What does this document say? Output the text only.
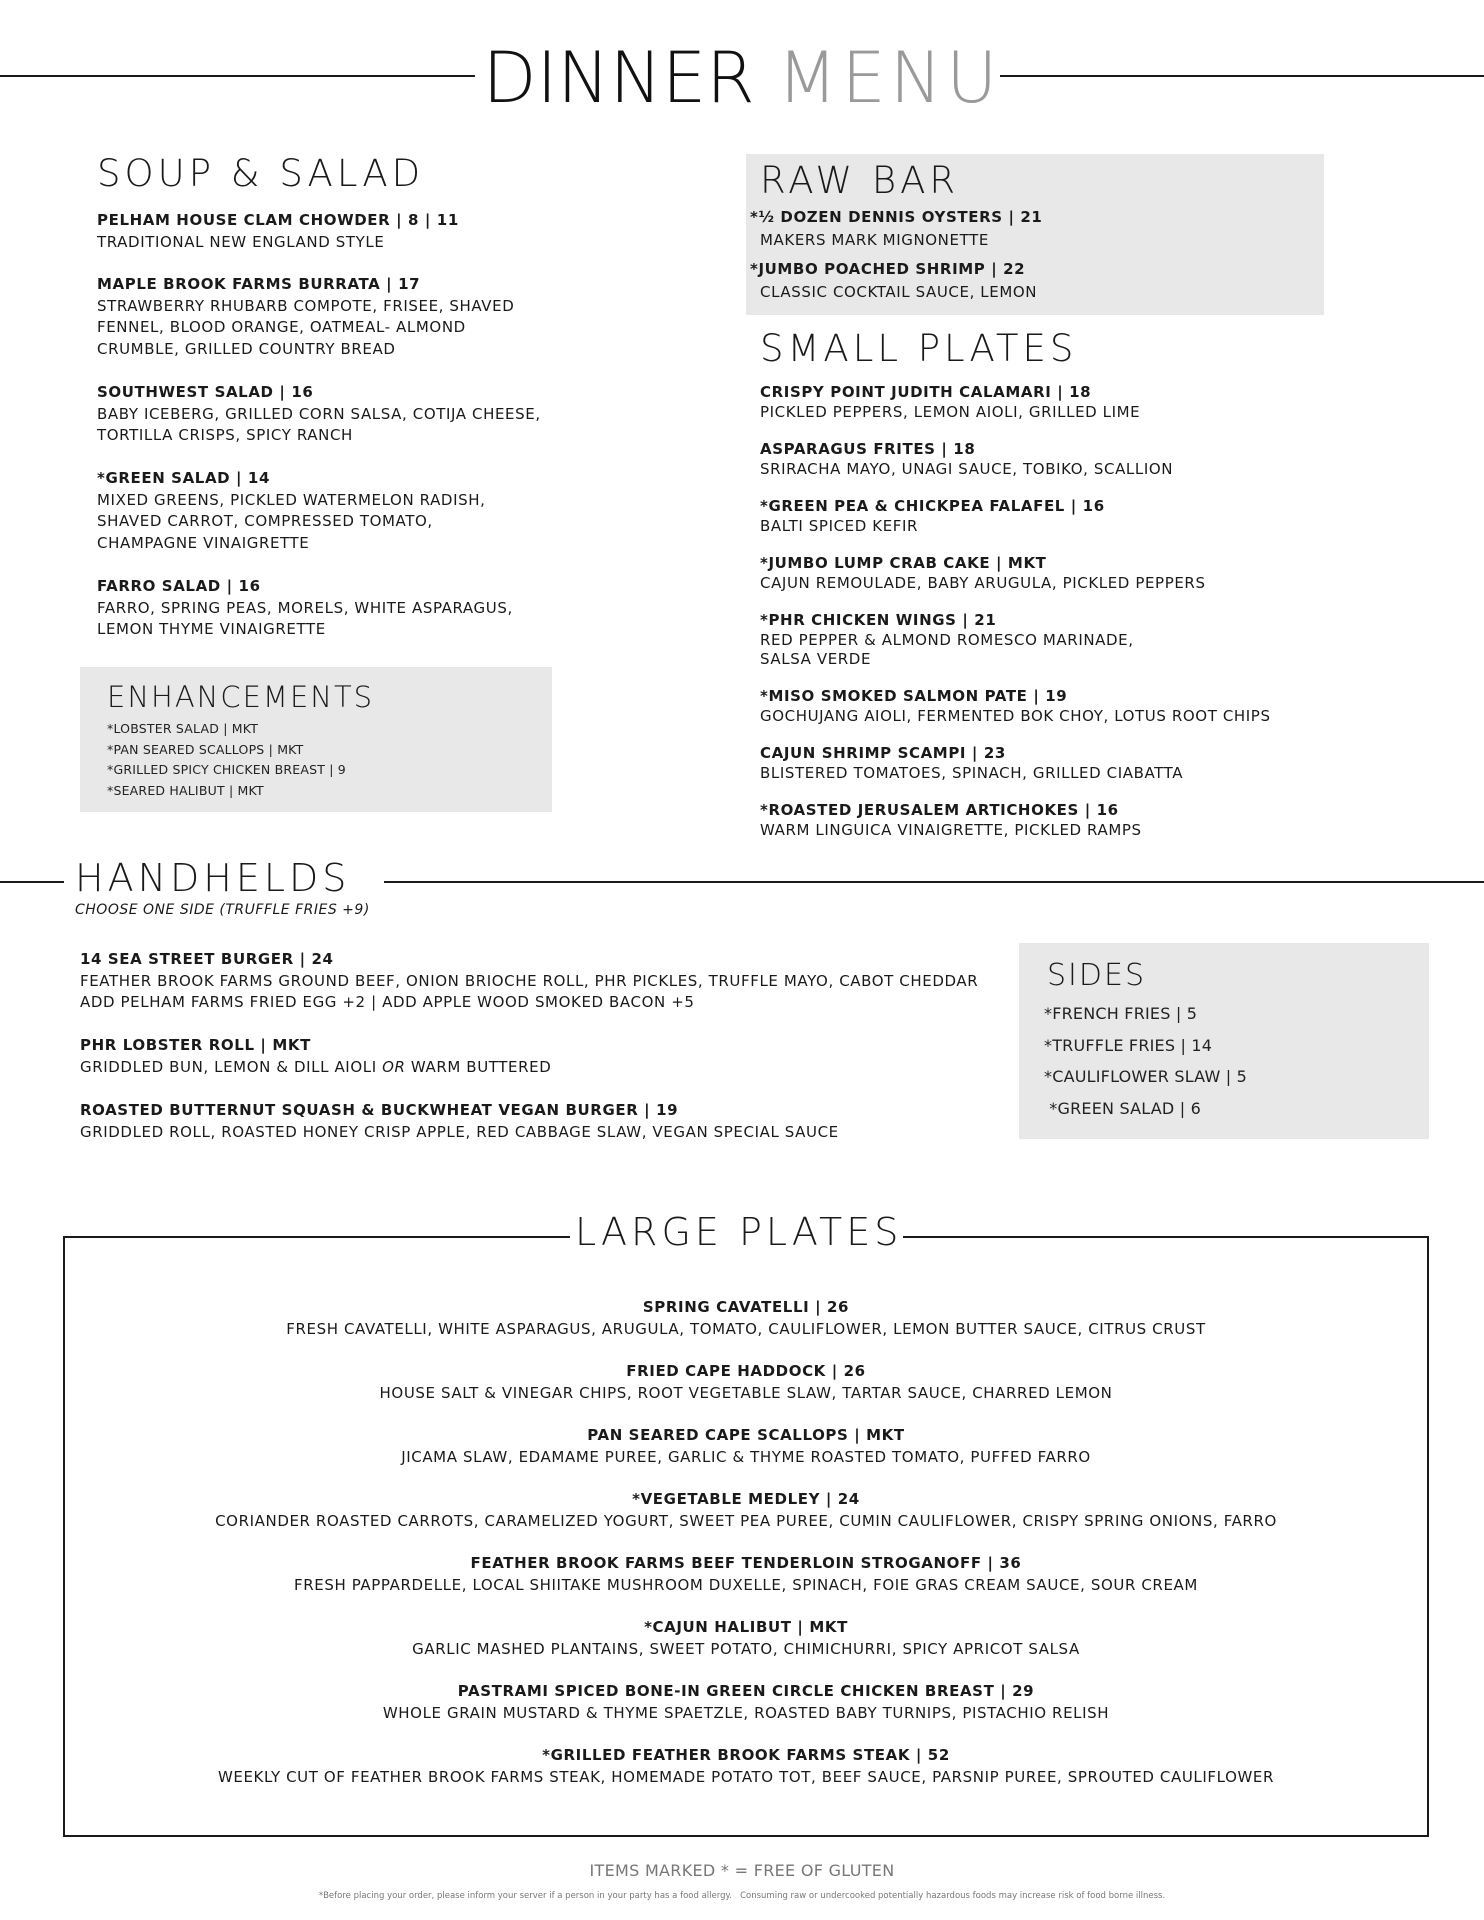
DINNER MENU
SOUP & SALAD
PELHAM HOUSE CLAM CHOWDER | 8 | 11
TRADITIONAL NEW ENGLAND STYLE
MAPLE BROOK FARMS BURRATA | 17
STRAWBERRY RHUBARB COMPOTE, FRISEE, SHAVED
FENNEL, BLOOD ORANGE, OATMEAL- ALMOND
CRUMBLE, GRILLED COUNTRY BREAD
SOUTHWEST SALAD | 16
BABY ICEBERG, GRILLED CORN SALSA, COTIJA CHEESE,
TORTILLA CRISPS, SPICY RANCH
*GREEN SALAD | 14
MIXED GREENS, PICKLED WATERMELON RADISH,
SHAVED CARROT, COMPRESSED TOMATO,
CHAMPAGNE VINAIGRETTE
FARRO SALAD | 16
FARRO, SPRING PEAS, MORELS, WHITE ASPARAGUS,
LEMON THYME VINAIGRETTE
ENHANCEMENTS
*LOBSTER SALAD | MKT
*PAN SEARED SCALLOPS | MKT
*GRILLED SPICY CHICKEN BREAST | 9
*SEARED HALIBUT | MKT
RAW BAR
*½ DOZEN DENNIS OYSTERS | 21
MAKERS MARK MIGNONETTE
*JUMBO POACHED SHRIMP | 22
CLASSIC COCKTAIL SAUCE, LEMON
SMALL PLATES
CRISPY POINT JUDITH CALAMARI | 18
PICKLED PEPPERS, LEMON AIOLI, GRILLED LIME
ASPARAGUS FRITES | 18
SRIRACHA MAYO, UNAGI SAUCE, TOBIKO, SCALLION
*GREEN PEA & CHICKPEA FALAFEL | 16
BALTI SPICED KEFIR
*JUMBO LUMP CRAB CAKE | MKT
CAJUN REMOULADE, BABY ARUGULA, PICKLED PEPPERS
*PHR CHICKEN WINGS | 21
RED PEPPER & ALMOND ROMESCO MARINADE,
SALSA VERDE
*MISO SMOKED SALMON PATE | 19
GOCHUJANG AIOLI, FERMENTED BOK CHOY, LOTUS ROOT CHIPS
CAJUN SHRIMP SCAMPI | 23
BLISTERED TOMATOES, SPINACH, GRILLED CIABATTA
*ROASTED JERUSALEM ARTICHOKES | 16
WARM LINGUICA VINAIGRETTE, PICKLED RAMPS
HANDHELDS
CHOOSE ONE SIDE (TRUFFLE FRIES +9)
14 SEA STREET BURGER | 24
FEATHER BROOK FARMS GROUND BEEF, ONION BRIOCHE ROLL, PHR PICKLES, TRUFFLE MAYO, CABOT CHEDDAR
ADD PELHAM FARMS FRIED EGG +2 | ADD APPLE WOOD SMOKED BACON +5
PHR LOBSTER ROLL | MKT
GRIDDLED BUN, LEMON & DILL AIOLI OR WARM BUTTERED
ROASTED BUTTERNUT SQUASH & BUCKWHEAT VEGAN BURGER | 19
GRIDDLED ROLL, ROASTED HONEY CRISP APPLE, RED CABBAGE SLAW, VEGAN SPECIAL SAUCE
SIDES
*FRENCH FRIES | 5
*TRUFFLE FRIES | 14
*CAULIFLOWER SLAW | 5
*GREEN SALAD | 6
LARGE PLATES
SPRING CAVATELLI | 26
FRESH CAVATELLI, WHITE ASPARAGUS, ARUGULA, TOMATO, CAULIFLOWER, LEMON BUTTER SAUCE, CITRUS CRUST
FRIED CAPE HADDOCK | 26
HOUSE SALT & VINEGAR CHIPS, ROOT VEGETABLE SLAW, TARTAR SAUCE, CHARRED LEMON
PAN SEARED CAPE SCALLOPS | MKT
JICAMA SLAW, EDAMAME PUREE, GARLIC & THYME ROASTED TOMATO, PUFFED FARRO
*VEGETABLE MEDLEY | 24
CORIANDER ROASTED CARROTS, CARAMELIZED YOGURT, SWEET PEA PUREE, CUMIN CAULIFLOWER, CRISPY SPRING ONIONS, FARRO
FEATHER BROOK FARMS BEEF TENDERLOIN STROGANOFF | 36
FRESH PAPPARDELLE, LOCAL SHIITAKE MUSHROOM DUXELLE, SPINACH, FOIE GRAS CREAM SAUCE, SOUR CREAM
*CAJUN HALIBUT | MKT
GARLIC MASHED PLANTAINS, SWEET POTATO, CHIMICHURRI, SPICY APRICOT SALSA
PASTRAMI SPICED BONE-IN GREEN CIRCLE CHICKEN BREAST | 29
WHOLE GRAIN MUSTARD & THYME SPAETZLE, ROASTED BABY TURNIPS, PISTACHIO RELISH
*GRILLED FEATHER BROOK FARMS STEAK | 52
WEEKLY CUT OF FEATHER BROOK FARMS STEAK, HOMEMADE POTATO TOT, BEEF SAUCE, PARSNIP PUREE, SPROUTED CAULIFLOWER
ITEMS MARKED * = FREE OF GLUTEN
*Before placing your order, please inform your server if a person in your party has a food allergy.   Consuming raw or undercooked potentially hazardous foods may increase risk of food borne illness.
